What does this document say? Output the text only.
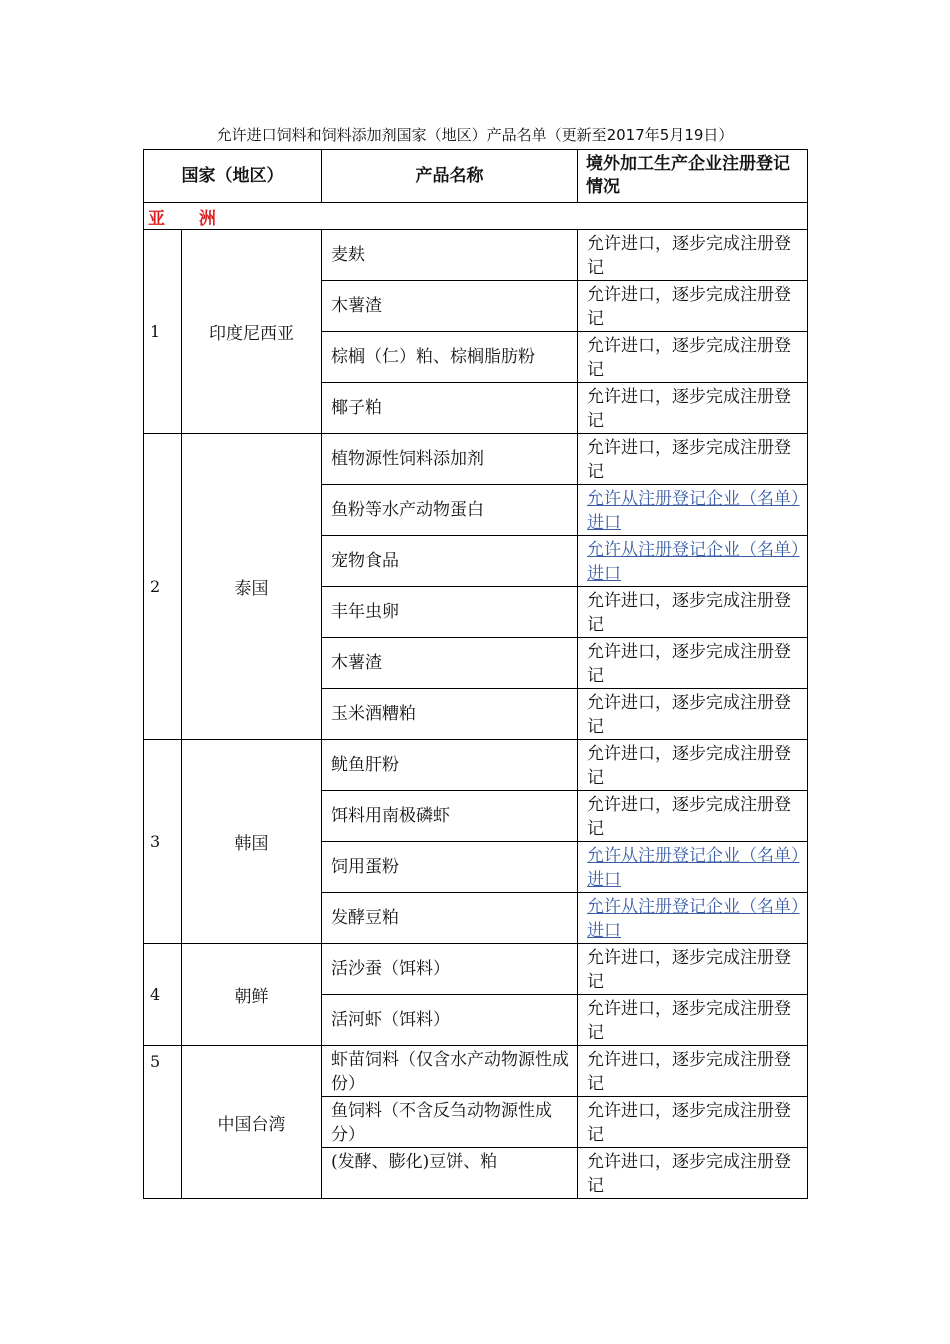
允许进口饲料和饲料添加剂国家（地区）产品名单（更新至2017年5月19日）
国家（地区）		产品名称	境外加工生产企业注册登记情况
亚 洲			
1	印度尼西亚	麦麸	允许进口，逐步完成注册登记
		木薯渣	允许进口，逐步完成注册登记
		棕榈（仁）粕、棕榈脂肪粉	允许进口，逐步完成注册登记
		椰子粕	允许进口，逐步完成注册登记
2	泰国	植物源性饲料添加剂	允许进口，逐步完成注册登记
		鱼粉等水产动物蛋白	允许从注册登记企业（名单）进口
		宠物食品	允许从注册登记企业（名单）进口
		丰年虫卵	允许进口，逐步完成注册登记
		木薯渣	允许进口，逐步完成注册登记
		玉米酒糟粕	允许进口，逐步完成注册登记
3	韩国	鱿鱼肝粉	允许进口，逐步完成注册登记
		饵料用南极磷虾	允许进口，逐步完成注册登记
		饲用蛋粉	允许从注册登记企业（名单）进口
		发酵豆粕	允许从注册登记企业（名单）进口
4	朝鲜	活沙蚕（饵料）	允许进口，逐步完成注册登记
		活河虾（饵料）	允许进口，逐步完成注册登记
5	中国台湾	虾苗饲料（仅含水产动物源性成份）	允许进口，逐步完成注册登记
		鱼饲料（不含反刍动物源性成分）	允许进口，逐步完成注册登记
		(发酵、膨化)豆饼、粕	允许进口，逐步完成注册登记
